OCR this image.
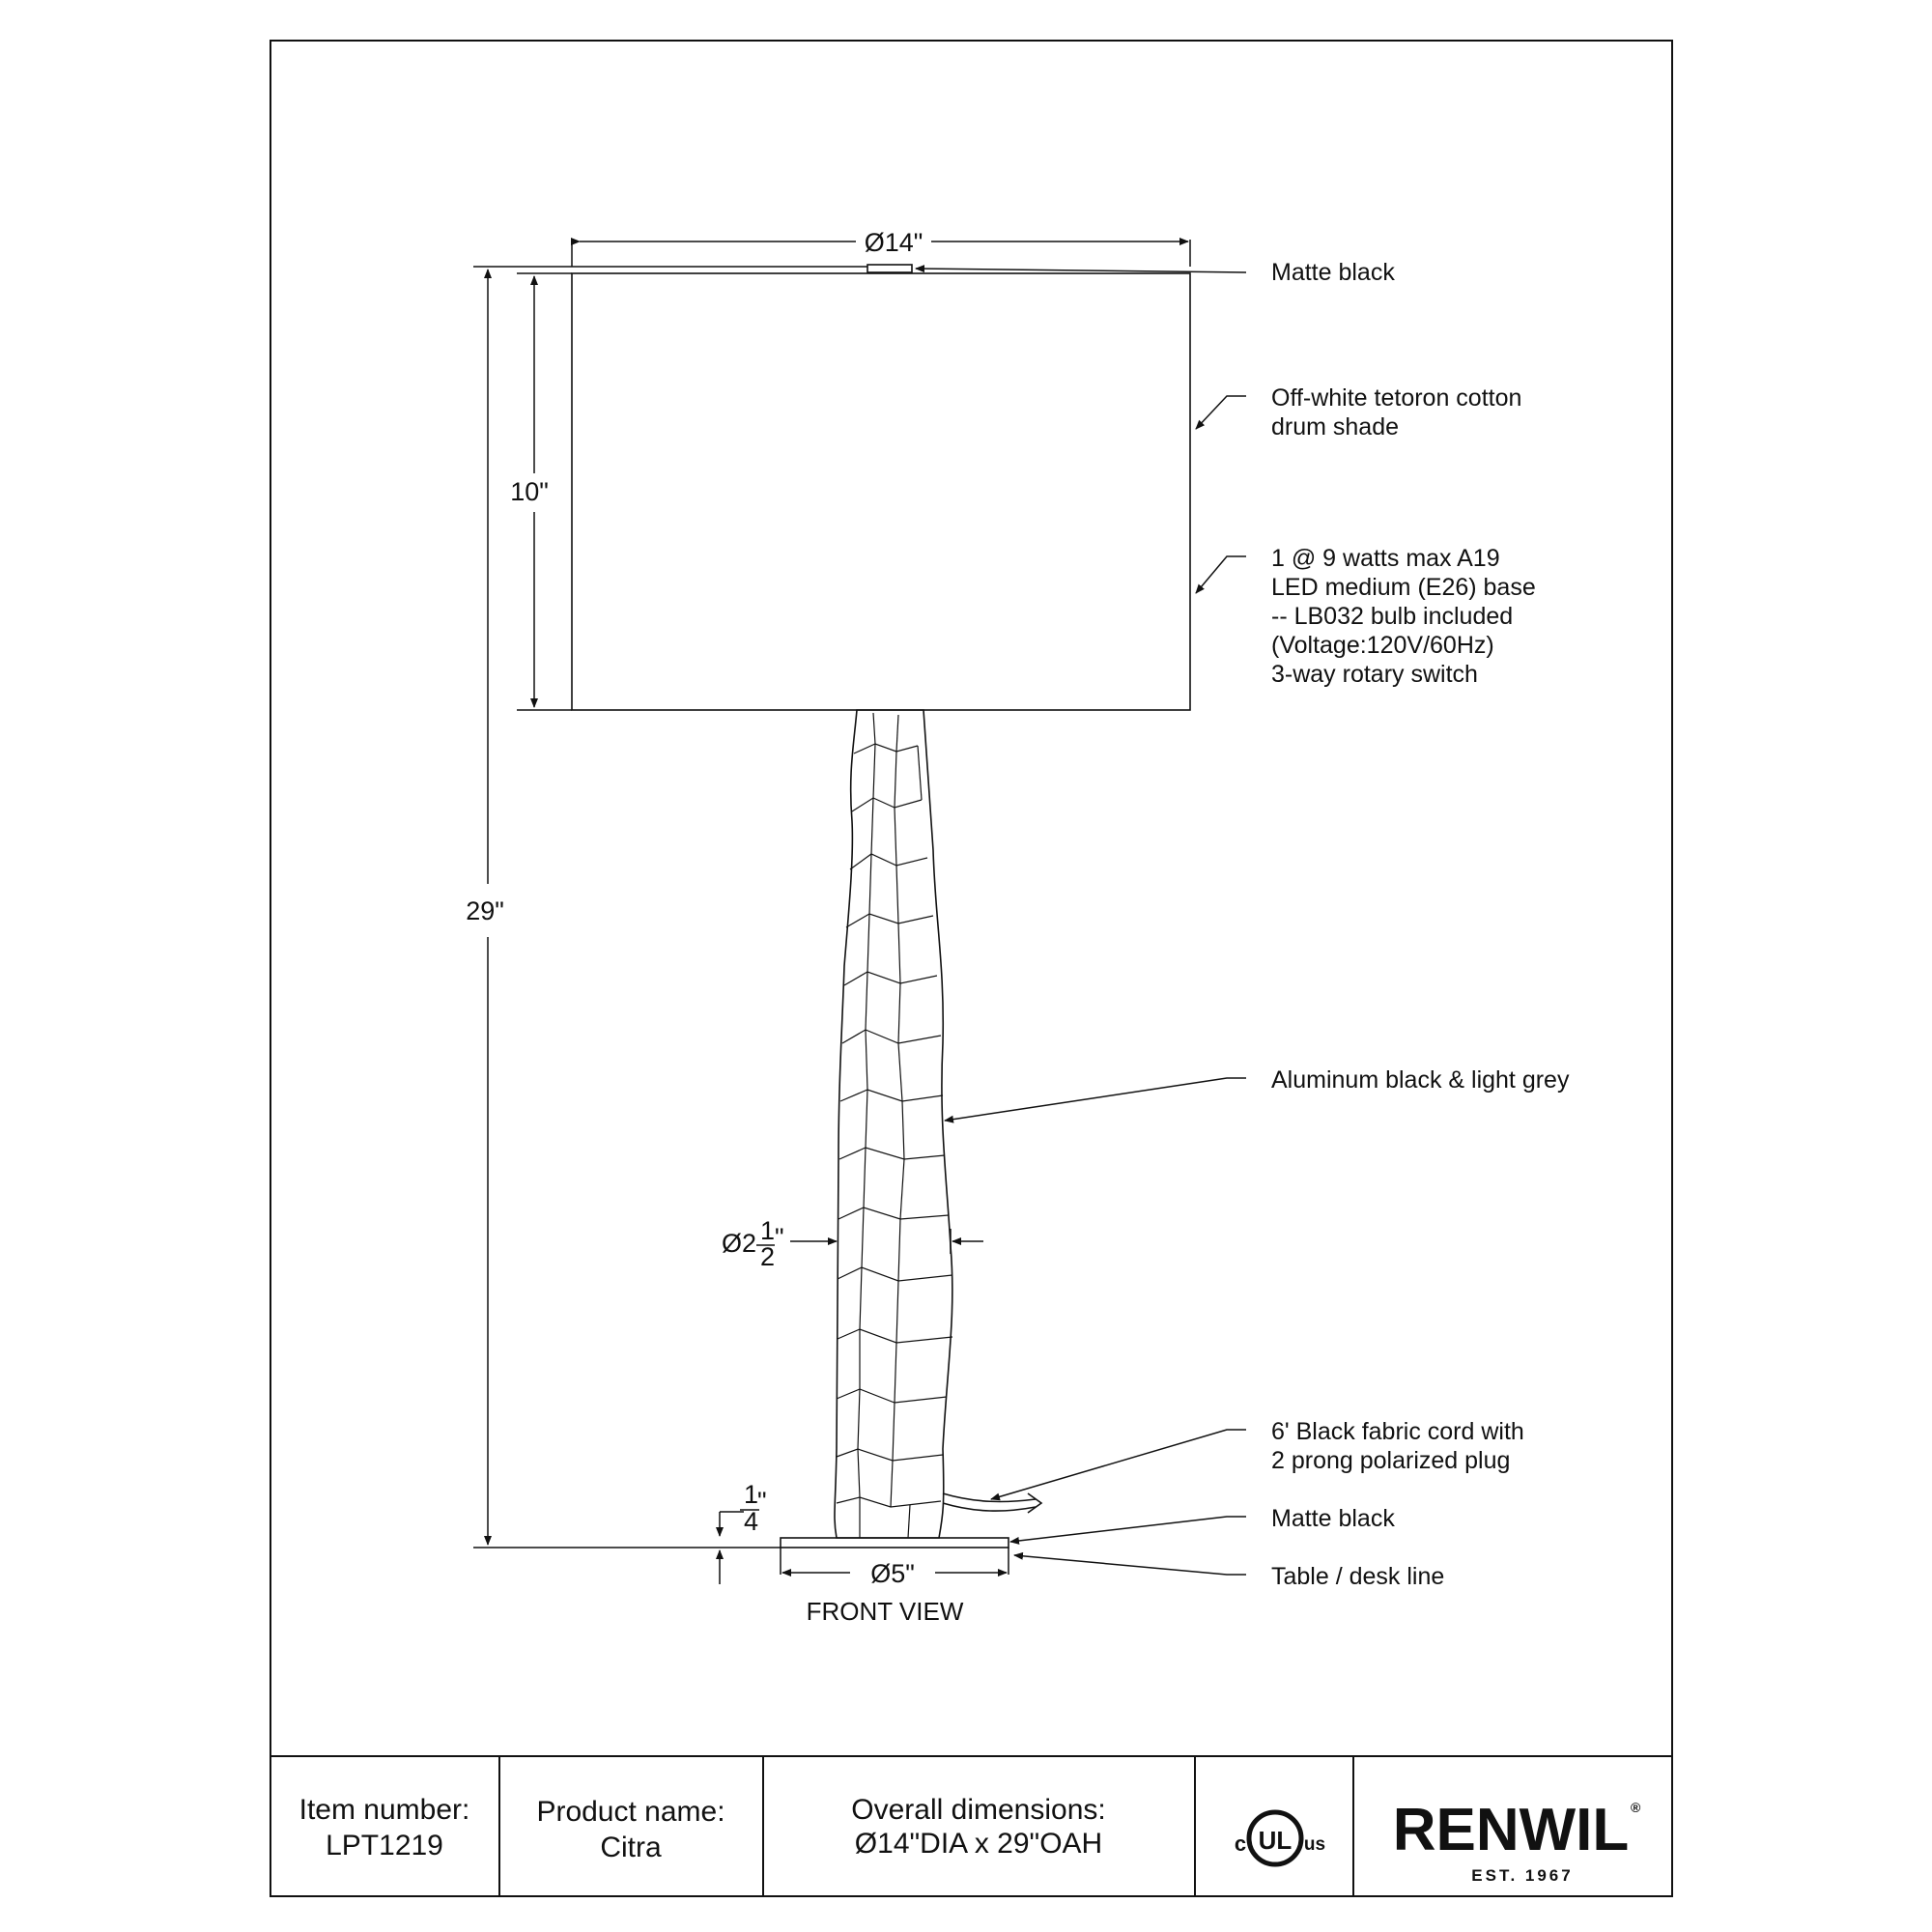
Ø14"
10"
29"
Ø2 1
2
"
1
4
"
Ø5"
FRONT VIEW
Matte black
Off-white tetoron cotton drum shade
1 @ 9 watts max A19 LED medium (E26) base -- LB032 bulb included (Voltage:120V/60Hz) 3-way rotary switch
Aluminum black & light grey
6' Black fabric cord with 2 prong polarized plug
Matte black
Table / desk line
Item number:
LPT1219
Product name:
Citra
Overall dimensions:
Ø14"DIA x 29"OAH	UL
c	us RENWIL ®
EST. 1967
